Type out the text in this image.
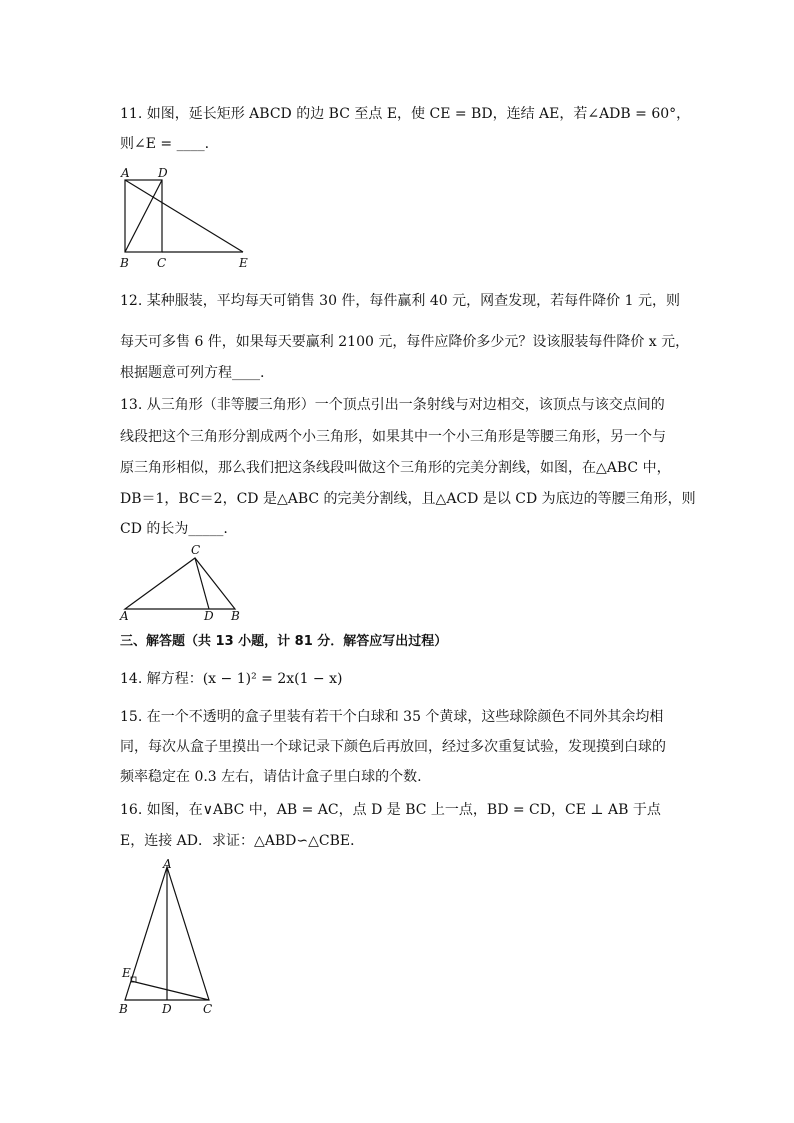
11. 如图，延长矩形 ABCD 的边 BC 至点 E，使 CE = BD，连结 AE，若∠ADB = 60°，
则∠E = ____.
A D
B C	E
12. 某种服装，平均每天可销售 30 件，每件赢利 40 元，网查发现，若每件降价 1 元，则
每天可多售 6 件，如果每天要赢利 2100 元，每件应降价多少元？设该服装每件降价 x 元，
根据题意可列方程____.
13. 从三角形（非等腰三角形）一个顶点引出一条射线与对边相交，该顶点与该交点间的
线段把这个三角形分割成两个小三角形，如果其中一个小三角形是等腰三角形，另一个与
原三角形相似，那么我们把这条线段叫做这个三角形的完美分割线，如图，在△ABC 中，
DB＝1，BC＝2，CD 是△ABC 的完美分割线，且△ACD 是以 CD 为底边的等腰三角形，则
CD 的长为_____.
C
A	D B
三、解答题（共 13 小题，计 81 分．解答应写出过程）
14. 解方程：(x − 1)² = 2x(1 − x)
15. 在一个不透明的盒子里装有若干个白球和 35 个黄球，这些球除颜色不同外其余均相
同，每次从盒子里摸出一个球记录下颜色后再放回，经过多次重复试验，发现摸到白球的
频率稳定在 0.3 左右，请估计盒子里白球的个数.
16. 如图，在∨ABC 中，AB = AC，点 D 是 BC 上一点，BD = CD，CE ⊥ AB 于点
E，连接 AD．求证：△ABD∽△CBE．
A
E
B	D	C
